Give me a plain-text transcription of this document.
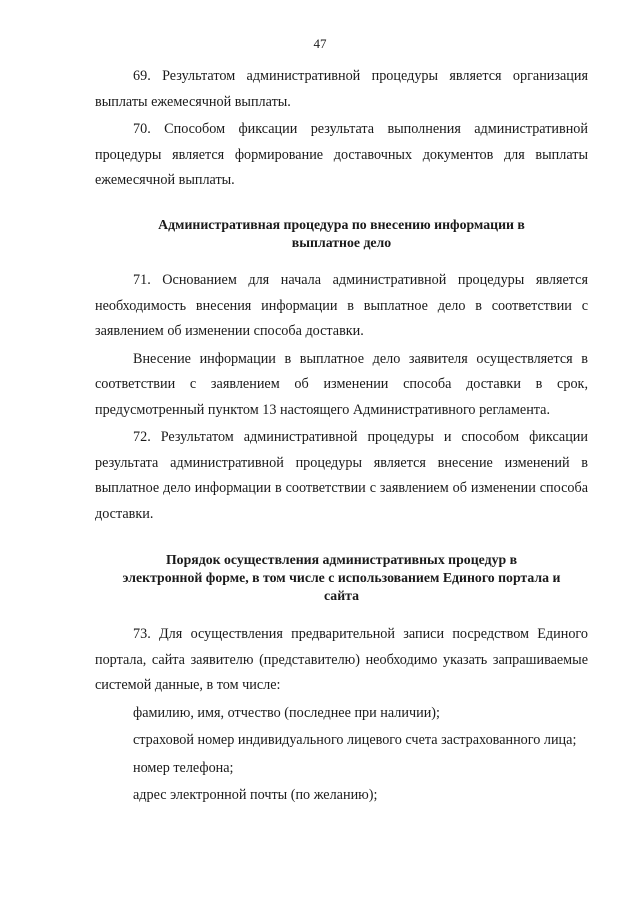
47

69. Результатом административной процедуры является организация выплаты ежемесячной выплаты.

70. Способом фиксации результата выполнения административной процедуры является формирование доставочных документов для выплаты ежемесячной выплаты.

Административная процедура по внесению информации в

выплатное дело

71. Основанием для начала административной процедуры является необходимость внесения информации в выплатное дело в соответствии с заявлением об изменении способа доставки.

Внесение информации в выплатное дело заявителя осуществляется в соответствии с заявлением об изменении способа доставки в срок, предусмотренный пунктом 13 настоящего Административного регламента.

72. Результатом административной процедуры и способом фиксации результата административной процедуры является внесение изменений в выплатное дело информации в соответствии с заявлением об изменении способа доставки.

Порядок осуществления административных процедур в

электронной форме, в том числе с использованием Единого портала и

сайта

73. Для осуществления предварительной записи посредством Единого портала, сайта заявителю (представителю) необходимо указать запрашиваемые системой данные, в том числе:

фамилию, имя, отчество (последнее при наличии);

страховой номер индивидуального лицевого счета застрахованного лица;

номер телефона;

адрес электронной почты (по желанию);
